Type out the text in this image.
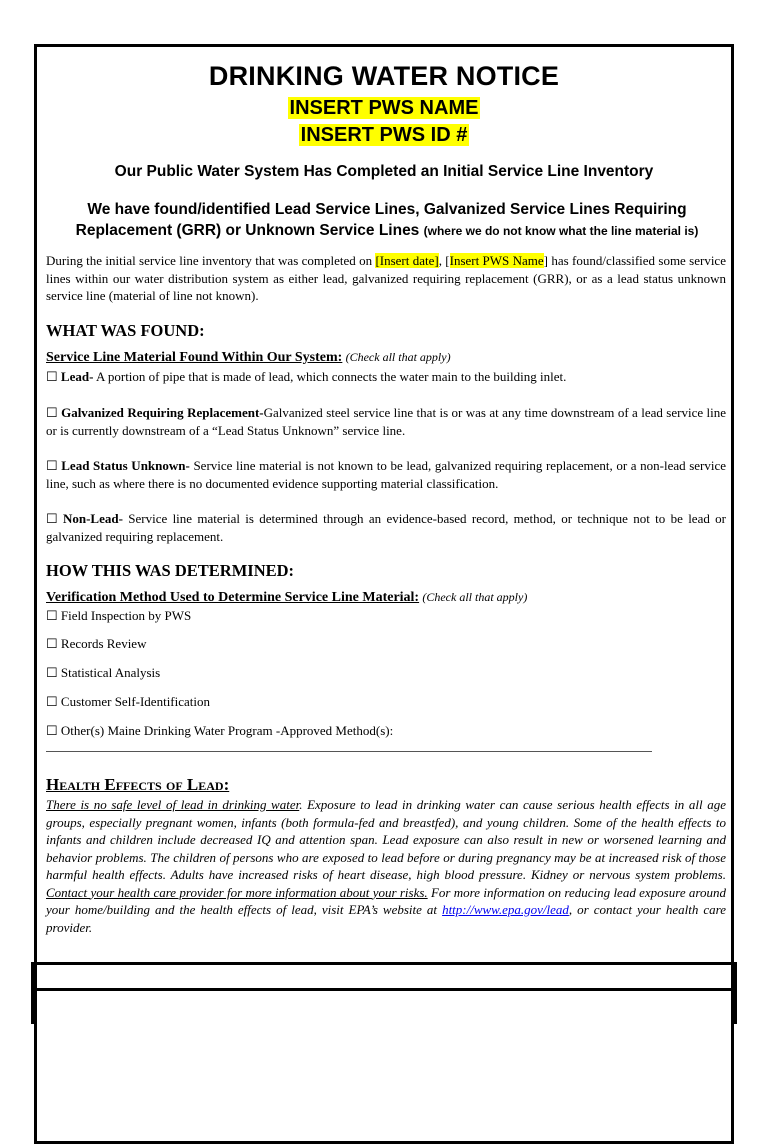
DRINKING WATER NOTICE
INSERT PWS NAME
INSERT PWS ID #
Our Public Water System Has Completed an Initial Service Line Inventory
We have found/identified Lead Service Lines, Galvanized Service Lines Requiring Replacement (GRR) or Unknown Service Lines (where we do not know what the line material is)
During the initial service line inventory that was completed on [Insert date], [Insert PWS Name] has found/classified some service lines within our water distribution system as either lead, galvanized requiring replacement (GRR), or as a lead status unknown service line (material of line not known).
WHAT WAS FOUND:
Service Line Material Found Within Our System: (Check all that apply)
☐ Lead- A portion of pipe that is made of lead, which connects the water main to the building inlet.
☐ Galvanized Requiring Replacement-Galvanized steel service line that is or was at any time downstream of a lead service line or is currently downstream of a “Lead Status Unknown” service line.
☐ Lead Status Unknown- Service line material is not known to be lead, galvanized requiring replacement, or a non-lead service line, such as where there is no documented evidence supporting material classification.
☐ Non-Lead- Service line material is determined through an evidence-based record, method, or technique not to be lead or galvanized requiring replacement.
HOW THIS WAS DETERMINED:
Verification Method Used to Determine Service Line Material: (Check all that apply)
☐ Field Inspection by PWS
☐ Records Review
☐ Statistical Analysis
☐ Customer Self-Identification
☐ Other(s) Maine Drinking Water Program -Approved Method(s):
Health Effects of Lead:
There is no safe level of lead in drinking water. Exposure to lead in drinking water can cause serious health effects in all age groups, especially pregnant women, infants (both formula-fed and breastfed), and young children. Some of the health effects to infants and children include decreased IQ and attention span. Lead exposure can also result in new or worsened learning and behavior problems. The children of persons who are exposed to lead before or during pregnancy may be at increased risk of those harmful health effects. Adults have increased risks of heart disease, high blood pressure. Kidney or nervous system problems. Contact your health care provider for more information about your risks. For more information on reducing lead exposure around your home/building and the health effects of lead, visit EPA’s website at http://www.epa.gov/lead, or contact your health care provider.
